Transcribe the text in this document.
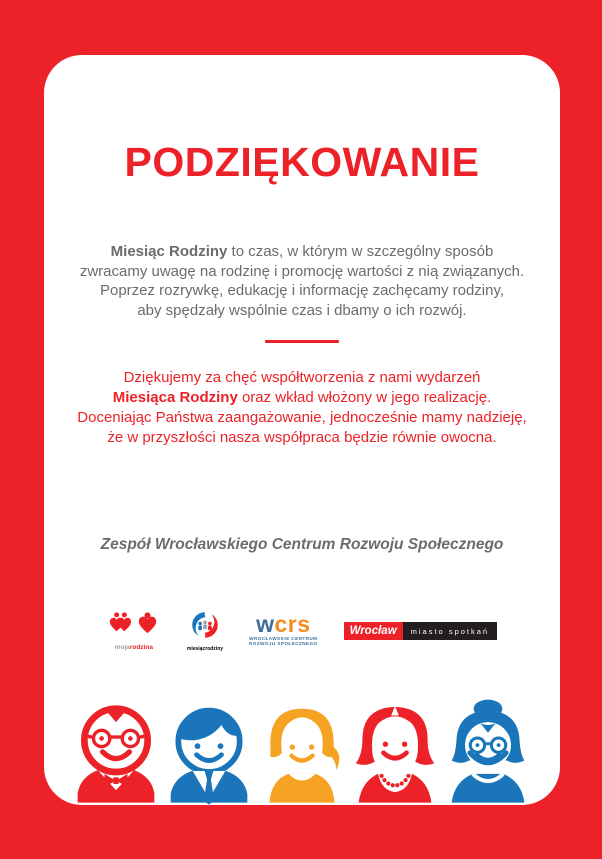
PODZIĘKOWANIE
Miesiąc Rodziny to czas, w którym w szczególny sposób
zwracamy uwagę na rodzinę i promocję wartości z nią związanych.
Poprzez rozrywkę, edukację i informację zachęcamy rodziny,
aby spędzały wspólnie czas i dbamy o ich rozwój.
Dziękujemy za chęć współtworzenia z nami wydarzeń
Miesiąca Rodziny oraz wkład włożony w jego realizację.
Doceniając Państwa zaangażowanie, jednocześnie mamy nadzieję,
że w przyszłości nasza współpraca będzie równie owocna.
Zespół Wrocławskiego Centrum Rozwoju Społecznego
mojarodzina	miesiącrodziny
wcrs
WROCŁAWSKIE CENTRUM
ROZWOJU SPOŁECZNEGO
Wrocław	miasto spotkań
